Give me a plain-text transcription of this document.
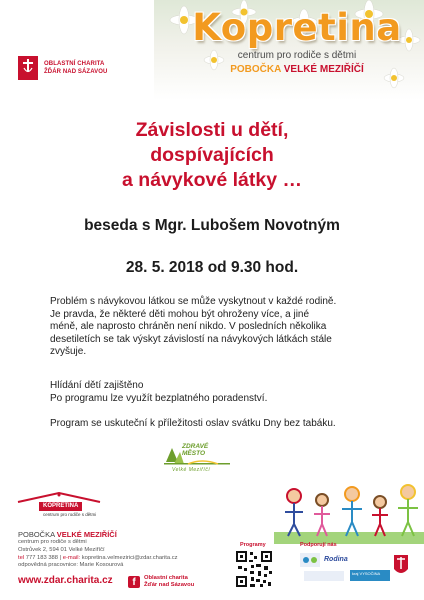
OBLASTNÍ CHARITA
ŽĎÁR NAD SÁZAVOU
Kopretina
centrum pro rodiče s dětmi
POBOČKA VELKÉ MEZIŘÍČÍ
Závislosti u dětí,
dospívajících
a návykové látky …
beseda s Mgr. Lubošem Novotným
28. 5. 2018 od 9.30 hod.
Problém s návykovou látkou se může vyskytnout v každé rodině.
Je pravda, že některé děti mohou být ohroženy více, a jiné
méně, ale naprosto chráněn není nikdo. V posledních několika
desetiletích se tak výskyt závislostí na návykových látkách stále
zvyšuje.
Hlídání dětí zajištěno
Po programu lze využít bezplatného poradenství.
Program se uskuteční k příležitosti oslav svátku Dny bez tabáku.
ZDRAVÉ
MĚSTO
Velké Meziříčí
KOPRETINA
centrum pro rodiče s dětmi
POBOČKA VELKÉ MEZIŘÍČÍ
centrum pro rodiče s dětmi
Ostrůvek 2, 594 01 Velké Meziříčí
tel 777 183 388 | e-mail: kopretina.velmezirici@zdar.charita.cz
odpovědná pracovnice: Marie Kosourová
www.zdar.charita.cz	f	Oblastní charita
Žďár nad Sázavou
Programy	Podporují nás
Rodina
kraj VYSOČINA
